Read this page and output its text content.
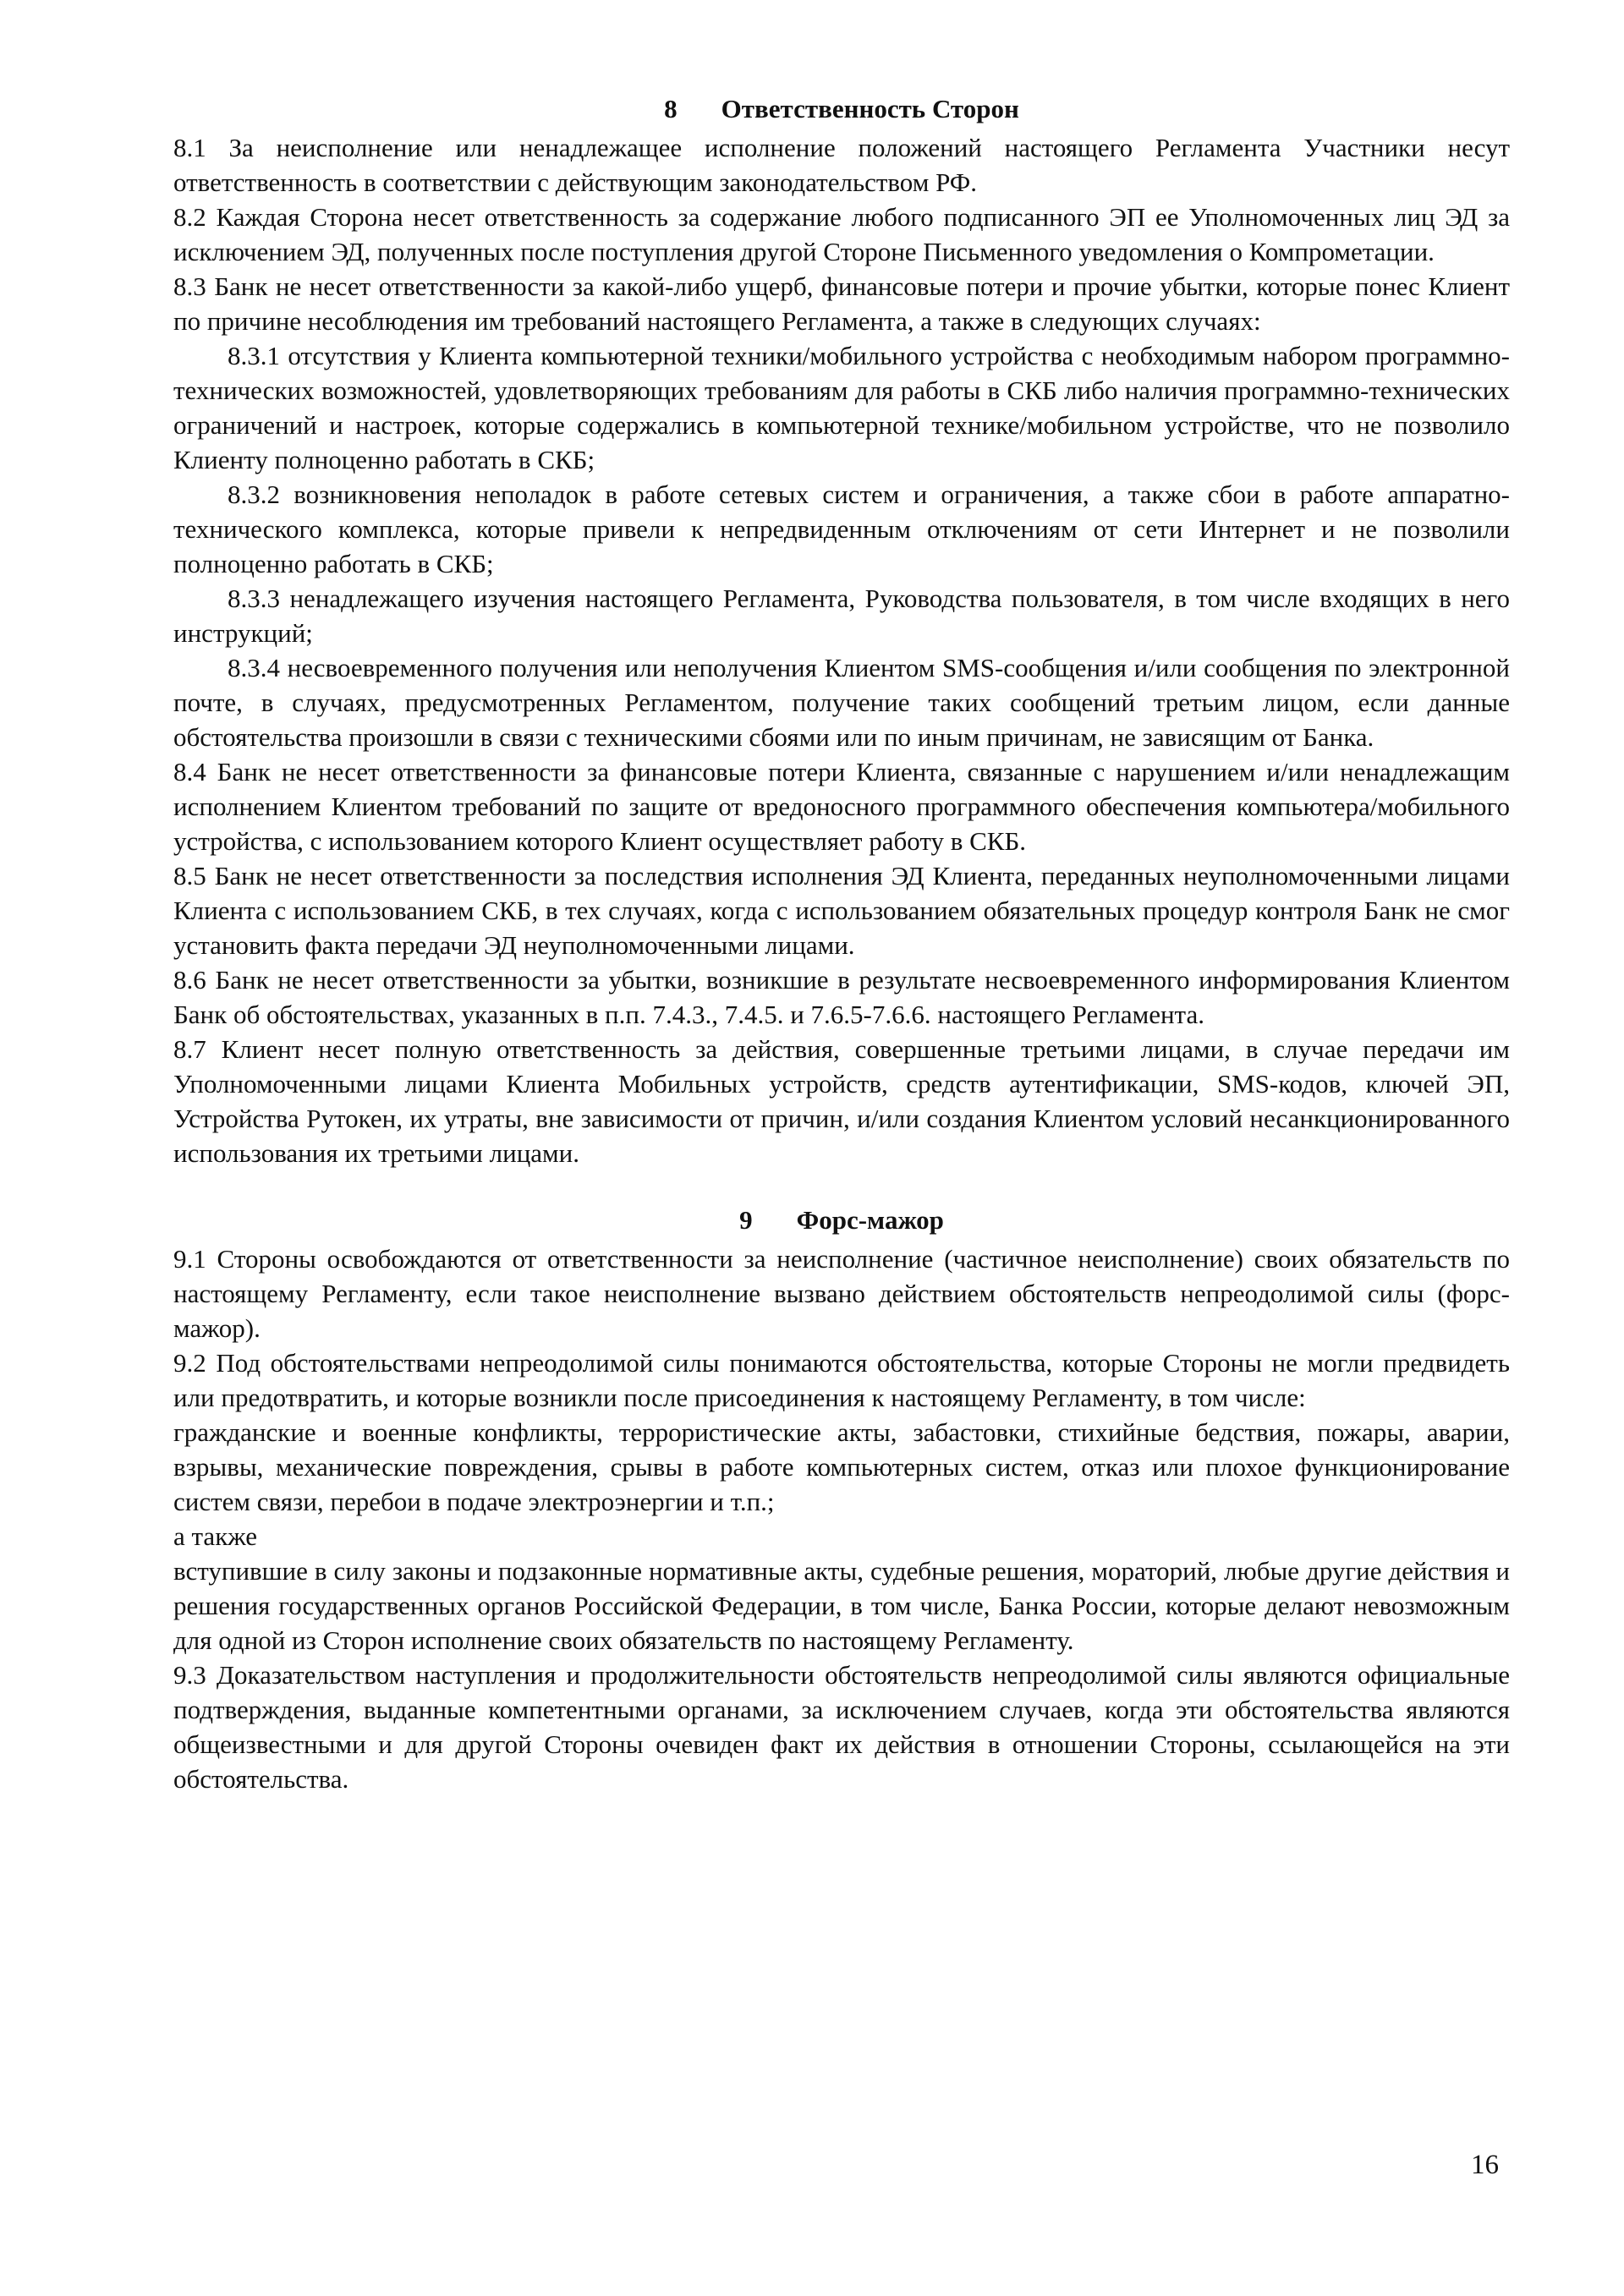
8 Ответственность Сторон

8.1 За неисполнение или ненадлежащее исполнение положений настоящего Регламента Участники несут ответственность в соответствии с действующим законодательством РФ.

8.2 Каждая Сторона несет ответственность за содержание любого подписанного ЭП ее Уполномоченных лиц ЭД за исключением ЭД, полученных после поступления другой Стороне Письменного уведомления о Компрометации.

8.3 Банк не несет ответственности за какой-либо ущерб, финансовые потери и прочие убытки, которые понес Клиент по причине несоблюдения им требований настоящего Регламента, а также в следующих случаях:

8.3.1 отсутствия у Клиента компьютерной техники/мобильного устройства с необходимым набором программно-технических возможностей, удовлетворяющих требованиям для работы в СКБ либо наличия программно-технических ограничений и настроек, которые содержались в компьютерной технике/мобильном устройстве, что не позволило Клиенту полноценно работать в СКБ;

8.3.2 возникновения неполадок в работе сетевых систем и ограничения, а также сбои в работе аппаратно-технического комплекса, которые привели к непредвиденным отключениям от сети Интернет и не позволили полноценно работать в СКБ;

8.3.3 ненадлежащего изучения настоящего Регламента, Руководства пользователя, в том числе входящих в него инструкций;

8.3.4 несвоевременного получения или неполучения Клиентом SMS-сообщения и/или сообщения по электронной почте, в случаях, предусмотренных Регламентом, получение таких сообщений третьим лицом, если данные обстоятельства произошли в связи с техническими сбоями или по иным причинам, не зависящим от Банка.

8.4 Банк не несет ответственности за финансовые потери Клиента, связанные с нарушением и/или ненадлежащим исполнением Клиентом требований по защите от вредоносного программного обеспечения компьютера/мобильного устройства, с использованием которого Клиент осуществляет работу в СКБ.

8.5 Банк не несет ответственности за последствия исполнения ЭД Клиента, переданных неуполномоченными лицами Клиента с использованием СКБ, в тех случаях, когда с использованием обязательных процедур контроля Банк не смог установить факта передачи ЭД неуполномоченными лицами.

8.6 Банк не несет ответственности за убытки, возникшие в результате несвоевременного информирования Клиентом Банк об обстоятельствах, указанных в п.п. 7.4.3., 7.4.5. и 7.6.5-7.6.6. настоящего Регламента.

8.7 Клиент несет полную ответственность за действия, совершенные третьими лицами, в случае передачи им Уполномоченными лицами Клиента Мобильных устройств, средств аутентификации, SMS-кодов, ключей ЭП, Устройства Рутокен, их утраты, вне зависимости от причин, и/или создания Клиентом условий несанкционированного использования их третьими лицами.

9 Форс-мажор

9.1 Стороны освобождаются от ответственности за неисполнение (частичное неисполнение) своих обязательств по настоящему Регламенту, если такое неисполнение вызвано действием обстоятельств непреодолимой силы (форс-мажор).

9.2 Под обстоятельствами непреодолимой силы понимаются обстоятельства, которые Стороны не могли предвидеть или предотвратить, и которые возникли после присоединения к настоящему Регламенту, в том числе:

гражданские и военные конфликты, террористические акты, забастовки, стихийные бедствия, пожары, аварии, взрывы, механические повреждения, срывы в работе компьютерных систем, отказ или плохое функционирование систем связи, перебои в подаче электроэнергии и т.п.;

а также

вступившие в силу законы и подзаконные нормативные акты, судебные решения, мораторий, любые другие действия и решения государственных органов Российской Федерации, в том числе, Банка России, которые делают невозможным для одной из Сторон исполнение своих обязательств по настоящему Регламенту.

9.3 Доказательством наступления и продолжительности обстоятельств непреодолимой силы являются официальные подтверждения, выданные компетентными органами, за исключением случаев, когда эти обстоятельства являются общеизвестными и для другой Стороны очевиден факт их действия в отношении Стороны, ссылающейся на эти обстоятельства.

16
